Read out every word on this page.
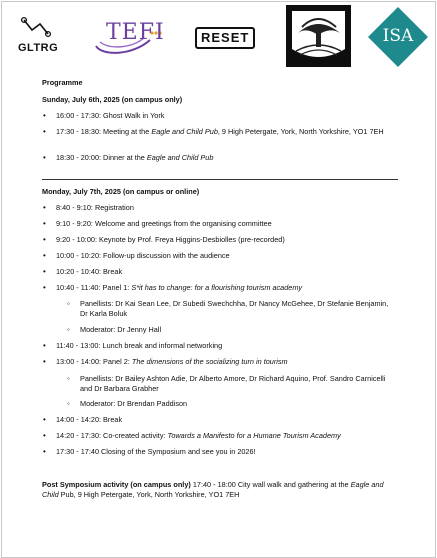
GLTRG
TEFI	RESET	ISA
Programme
Sunday, July 6th, 2025 (on campus only)
• 16:00 - 17:30: Ghost Walk in York
• 17:30 - 18:30: Meeting at the Eagle and Child Pub, 9 High Petergate, York, North Yorkshire, YO1 7EH
• 18:30 - 20:00: Dinner at the Eagle and Child Pub
Monday, July 7th, 2025 (on campus or online)
• 8:40 - 9:10: Registration
• 9:10 - 9:20: Welcome and greetings from the organising committee
• 9:20 - 10:00: Keynote by Prof. Freya Higgins-Desbiolles (pre-recorded)
• 10:00 - 10:20: Follow-up discussion with the audience
• 10:20 - 10:40: Break
• 10:40 - 11:40: Panel 1: S*it has to change: for a flourishing tourism academy
◦ Panellists: Dr Kai Sean Lee, Dr Subedi Swechchha, Dr Nancy McGehee, Dr Stefanie Benjamin, Dr Karla Boluk
◦ Moderator: Dr Jenny Hall
• 11:40 - 13:00: Lunch break and informal networking
• 13:00 - 14:00: Panel 2: The dimensions of the socializing turn in tourism
◦ Panellists: Dr Bailey Ashton Adie, Dr Alberto Amore, Dr Richard Aquino, Prof. Sandro Carnicelli and Dr Barbara Grabher
◦ Moderator: Dr Brendan Paddison
• 14:00 - 14:20: Break
• 14:20 - 17:30: Co-created activity: Towards a Manifesto for a Humane Tourism Academy
• 17:30 - 17:40 Closing of the Symposium and see you in 2026!
Post Symposium activity (on campus only) 17:40 - 18:00 City wall walk and gathering at the Eagle and Child Pub, 9 High Petergate, York, North Yorkshire, YO1 7EH
